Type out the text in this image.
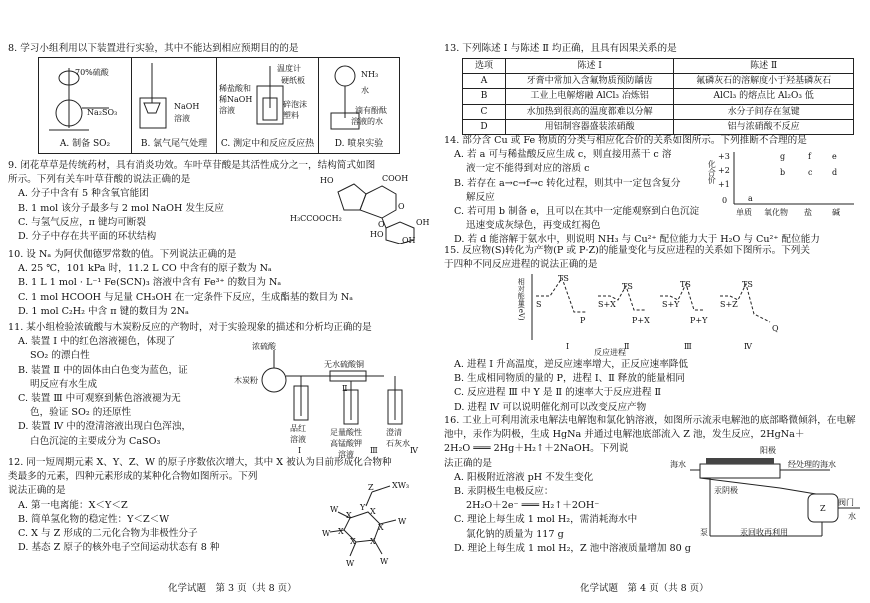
8. 学习小组利用以下装置进行实验，其中不能达到相应预期目的的是
70%硫酸
Na₂SO₃
A. 制备 SO₂
NaOH
溶液
B. 氯气尾气处理
温度计
硬纸板
稀盐酸和
稀NaOH
溶液
碎泡沫
塑料
C. 测定中和反应反应热
NH₃
水
滴有酚酞
溶液的水
D. 喷泉实验
9. 闭花草草是传统药材，具有消炎功效。车叶草苷酸是其活性成分之一，结构简式如图
所示。下列有关车叶草苷酸的说法正确的是
A. 分子中含有 5 种含氧官能团
B. 1 mol 该分子最多与 2 mol NaOH 发生反应
C. 与氢气反应，π 键均可断裂
D. 分子中存在共平面的环状结构
HO	COOH
H₃CCOOCH₂
O
HO
OH
OH
O
10. 设 Nₐ 为阿伏伽德罗常数的值。下列说法正确的是
A. 25 ℃，101 kPa 时，11.2 L CO 中含有的原子数为 Nₐ
B. 1 L 1 mol · L⁻¹ Fe(SCN)₃ 溶液中含有 Fe³⁺ 的数目为 Nₐ
C. 1 mol HCOOH 与足量 CH₃OH 在一定条件下反应，生成酯基的数目为 Nₐ
D. 1 mol C₂H₂ 中含 π 键的数目为 2Nₐ
11. 某小组检验浓硫酸与木炭粉反应的产物时，对于实验现象的描述和分析均正确的是
A. 装置 Ⅰ 中的红色溶液褪色，体现了
SO₂ 的漂白性
B. 装置 Ⅱ 中的固体由白色变为蓝色，证
明反应有水生成
C. 装置 Ⅲ 中可观察到紫色溶液褪为无
色，验证 SO₂ 的还原性
D. 装置 Ⅳ 中的澄清溶液出现白色浑浊，
白色沉淀的主要成分为 CaSO₃
浓硫酸
无水硫酸铜
木炭粉
品红
溶液
足量酸性
高锰酸钾
溶液
澄清
石灰水
Ⅰ
Ⅱ
Ⅲ	Ⅳ
12. 同一短周期元素 X、Y、Z、W 的原子序数依次增大，其中 X 被认为目前形成化合物种
类最多的元素，四种元素形成的某种化合物如图所示。下列
说法正确的是
A. 第一电离能：X＜Y＜Z
B. 简单氢化物的稳定性：Y＜Z＜W
C. X 与 Z 形成的二元化合物为非极性分子
D. 基态 Z 原子的核外电子空间运动状态有 8 种
Z XW₃
Y
X X
X
X
X
X
W
W
W	W
W
化学试题　第 3 页（共 8 页）
13. 下列陈述 Ⅰ 与陈述 Ⅱ 均正确，且具有因果关系的是
选项	陈述 Ⅰ	陈述 Ⅱ
A	牙膏中常加入含氟物质预防龋齿	氟磷灰石的溶解度小于羟基磷灰石
B	工业上电解熔融 AlCl₃ 冶炼铝	AlCl₃ 的熔点比 Al₂O₃ 低
C	水加热到很高的温度都难以分解	水分子间存在氢键
D	用铝制容器盛装浓硝酸	铝与浓硝酸不反应
14. 部分含 Cu 或 Fe 物质的分类与相应化合价的关系如图所示。下列推断不合理的是
A. 若 a 可与稀盐酸反应生成 c，则直接用蒸干 c 溶
液一定不能得到对应的溶质 c
B. 若存在 a→c→f→c 转化过程，则其中一定包含复分
解反应
C. 若可用 b 制备 e，且可以在其中一定能观察到白色沉淀
迅速变成灰绿色，再变成红褐色
D. 若 d 能溶解于氨水中，则说明 NH₃ 与 Cu²⁺ 配位能力大于 H₂O 与 Cu²⁺ 配位能力
化合价
+3
+2
+1
0
单质 氧化物 盐	碱
g	f	e
b	c d
a
15. 反应物(S)转化为产物(P 或 P·Z)的能量变化与反应进程的关系如下图所示。下列关
于四种不同反应进程的说法正确的是
相对能量(eV)	TS
S
P
S+X
TS
P+X
S+Y
TS
P+Y
S+Z
TS
Q
Ⅰ	Ⅱ	Ⅲ	Ⅳ
反应进程
A. 进程 Ⅰ 升高温度，逆反应速率增大，正反应速率降低
B. 生成相同物质的量的 P，进程 Ⅰ、Ⅱ 释放的能量相同
C. 反应进程 Ⅲ 中 Y 是 Ⅱ 的速率大于反应进程 Ⅱ
D. 进程 Ⅳ 可以说明催化剂可以改变反应产物
16. 工业上可利用流汞电解法电解饱和氯化钠溶液，如图所示流汞电解池的底部略微倾斜，在电解
池中，汞作为阴极，生成 HgNa 并通过电解池底部流入 Z 池，发生反应，2HgNa＋
2H₂O ═══ 2Hg＋H₂↑＋2NaOH。下列说
法正确的是
A. 阳极附近溶液 pH 不发生变化
B. 汞阴极生电极反应：
2H₂O＋2e⁻ ═══ H₂↑＋2OH⁻
C. 理论上每生成 1 mol H₂，需消耗海水中
氯化钠的质量为 117 g
D. 理论上每生成 1 mol H₂，Z 池中溶液质量增加 80 g
阳极
海水	经处理的海水
汞阴极
阀门
水
泵	汞回收再利用
Z
化学试题　第 4 页（共 8 页）
